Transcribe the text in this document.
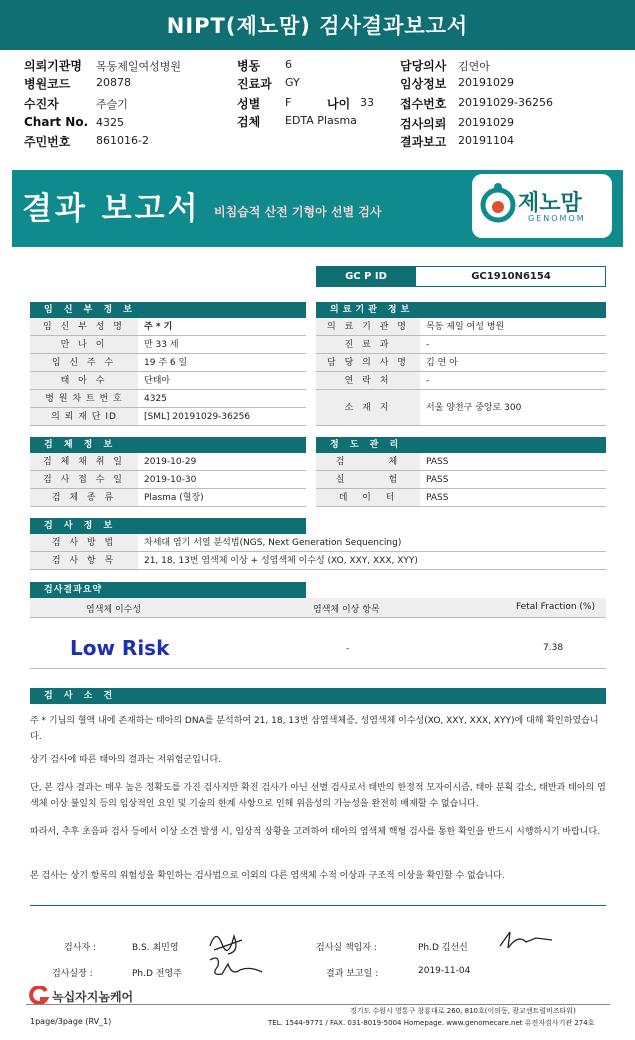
NIPT(제노맘) 검사결과보고서
의뢰기관명 목동제일여성병원
병원코드 20878
수진자	주슬기
Chart No. 4325
주민번호 861016-2
병동 6
진료과 GY
성별 F	나이 33
검체 EDTA Plasma
담당의사 김연아
임상정보 20191029
접수번호 20191029-36256
검사의뢰 20191029
결과보고 20191104
결과 보고서 비침습적 산전 기형아 선별 검사	제노맘
GENOMOM
GC P ID	GC1910N6154
임 신 부 정 보
임 신 부 성 명	주 * 기
만 나 이	만 33 세
임 신 주 수	19 주 6 일
태 아 수	단태아
병 원 차 트 번 호	4325
의 뢰 재 단 ID	[SML] 20191029-36256
의료기관 정보
의 료 기 관 명	목동 제일 여성 병원
진 료 과	-
담 당 의 사 명	김 연 아
연 락 처	-
소 재 지	서울 양천구 중앙로 300
검 체 정 보
검 체 채 취 일	2019-10-29
검 사 접 수 일	2019-10-30
검 체 종 류	Plasma (혈장)
정 도 관 리
검       체	PASS
실       험	PASS
데  이  터	PASS
검 사 정 보
검 사 방 법	차세대 염기 서열 분석법(NGS, Next Generation Sequencing)
검 사 항 목	21, 18, 13번 염색체 이상 + 성염색체 이수성 (XO, XXY, XXX, XYY)
검사결과요약
염색체 이수성	염색체 이상 항목	Fetal Fraction (%)
Low Risk	-	7.38
검 사 소 견
주 * 기님의 혈액 내에 존재하는 태아의 DNA를 분석하여 21, 18, 13번 삼염색체증, 성염색체 이수성(XO, XXY, XXX, XYY)에 대해 확인하였습니다.
상기 검사에 따른 태아의 결과는 저위험군입니다.
단, 본 검사 결과는 매우 높은 정확도를 가진 검사지만 확진 검사가 아닌 선별 검사로서 태반의 한정적 모자이시즘, 태아 분획 감소, 태반과 태아의 염색체 이상 불일치 등의 임상적인 요인 및 기술의 한계 사항으로 인해 위음성의 가능성을 완전히 배제할 수 없습니다.
따라서, 추후 초음파 검사 등에서 이상 소견 발생 시, 임상적 상황을 고려하여 태아의 염색체 핵형 검사를 통한 확인을 반드시 시행하시기 바랍니다.
본 검사는 상기 항목의 위험성을 확인하는 검사법으로 이외의 다른 염색체 수적 이상과 구조적 이상을 확인할 수 없습니다.
검사자 :	B.S. 최민영	검사실 책임자 :	Ph.D 김선신
검사실장 :	Ph.D 전영주	결과 보고일 :	2019-11-04
녹십자지놈케어
경기도 수원시 영통구 창룡대로 260, 810호(이의동, 광교센트럴비즈타워)
TEL. 1544-9771 / FAX. 031-8019-5004 Homepage. www.genomecare.net 유전자검사기관 274호
1page/3page (RV_1)
